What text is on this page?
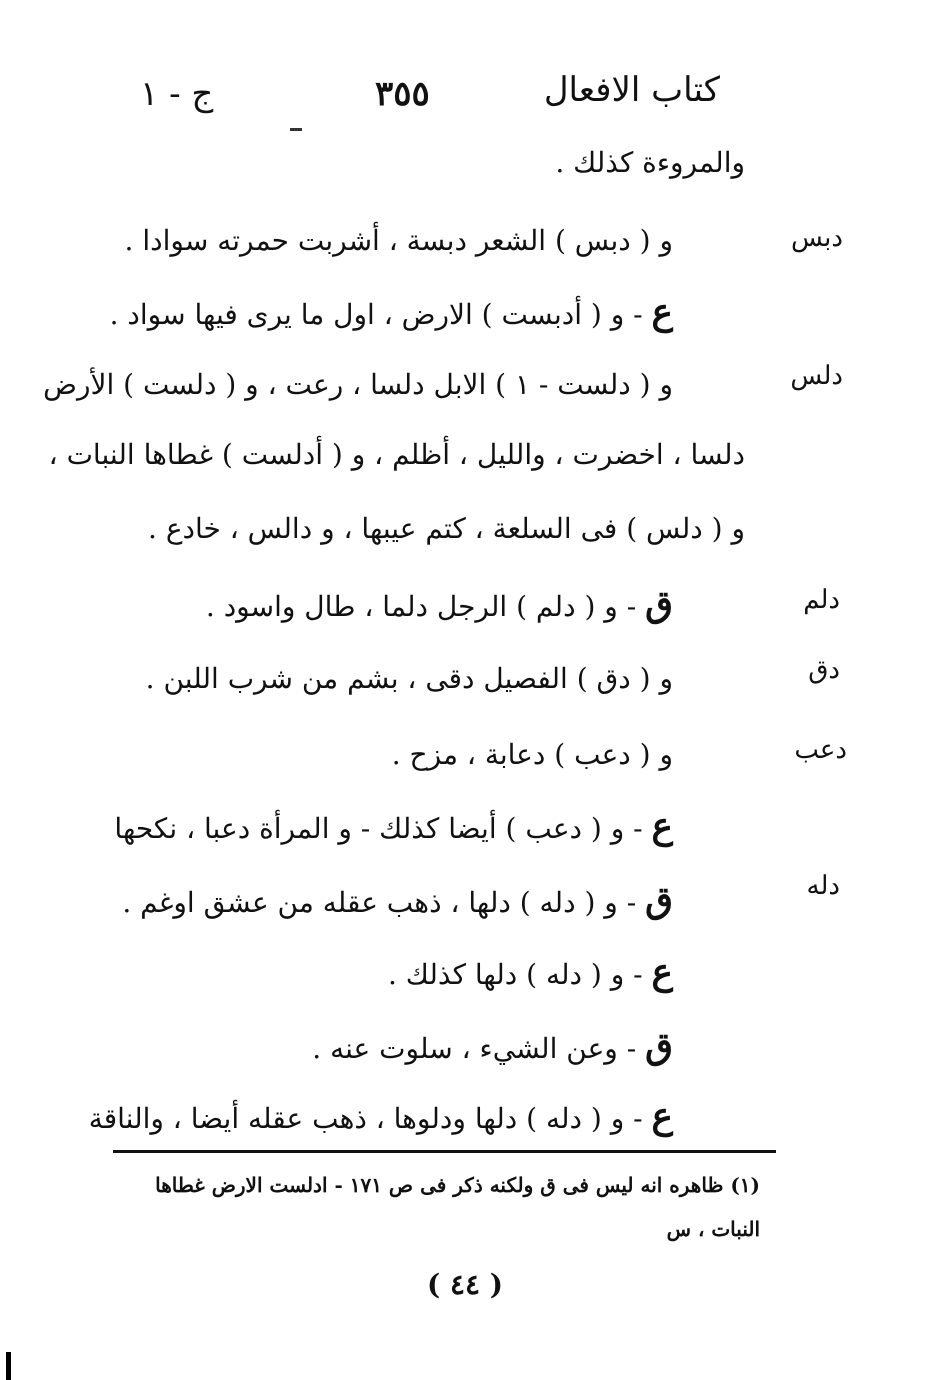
كتاب الافعال
٣٥٥
ج - ١
دبس
دلس
دلم
دق
دعب
دله
والمروءة كذلك .
و ( دبس ) الشعر دبسة ، أشربت حمرته سوادا .
ع - و ( أدبست ) الارض ، اول ما يرى فيها سواد .
و ( دلست - ١ ) الابل دلسا ، رعت ، و ( دلست ) الأرض
دلسا ، اخضرت ، والليل ، أظلم ، و ( أدلست ) غطاها النبات ،
و ( دلس ) فى السلعة ، كتم عيبها ، و دالس ، خادع .
ق - و ( دلم ) الرجل دلما ، طال واسود .
و ( دق ) الفصيل دقى ، بشم من شرب اللبن .
و ( دعب ) دعابة ، مزح .
ع - و ( دعب ) أيضا كذلك - و المرأة دعبا ، نكحها
ق - و ( دله ) دلها ، ذهب عقله من عشق اوغم .
ع - و ( دله ) دلها كذلك .
ق - وعن الشيء ، سلوت عنه .
ع - و ( دله ) دلها ودلوها ، ذهب عقله أيضا ، والناقة
(١) ظاهره انه ليس فى ق ولكنه ذكر فى ص ١٧١ - ادلست الارض غطاها
النبات ، س
( ٤٤ )
